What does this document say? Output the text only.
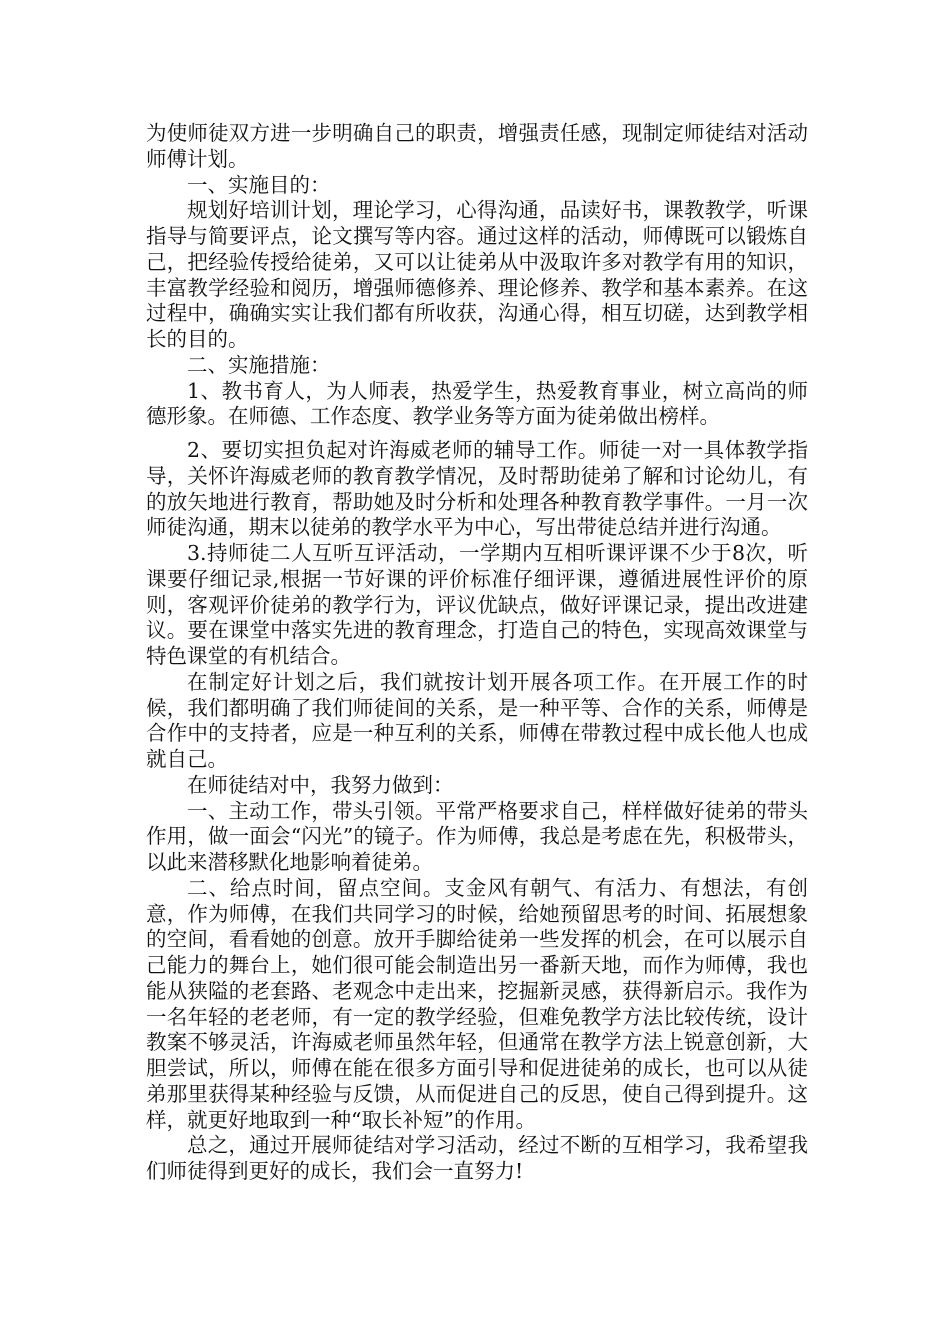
为使师徒双方进一步明确自己的职责，增强责任感，现制定师徒结对活动师傅计划。

一、实施目的：

规划好培训计划，理论学习，心得沟通，品读好书，课教教学，听课指导与简要评点，论文撰写等内容。通过这样的活动，师傅既可以锻炼自己，把经验传授给徒弟，又可以让徒弟从中汲取许多对教学有用的知识，丰富教学经验和阅历，增强师德修养、理论修养、教学和基本素养。在这过程中，确确实实让我们都有所收获，沟通心得，相互切磋，达到教学相长的目的。

二、实施措施：

1、教书育人，为人师表，热爱学生，热爱教育事业，树立高尚的师德形象。在师德、工作态度、教学业务等方面为徒弟做出榜样。

2、要切实担负起对许海威老师的辅导工作。师徒一对一具体教学指导，关怀许海威老师的教育教学情况，及时帮助徒弟了解和讨论幼儿，有的放矢地进行教育，帮助她及时分析和处理各种教育教学事件。一月一次师徒沟通，期末以徒弟的教学水平为中心，写出带徒总结并进行沟通。

3.持师徒二人互听互评活动，一学期内互相听课评课不少于8次，听课要仔细记录,根据一节好课的评价标准仔细评课，遵循进展性评价的原则，客观评价徒弟的教学行为，评议优缺点，做好评课记录，提出改进建议。要在课堂中落实先进的教育理念，打造自己的特色，实现高效课堂与特色课堂的有机结合。

在制定好计划之后，我们就按计划开展各项工作。在开展工作的时候，我们都明确了我们师徒间的关系，是一种平等、合作的关系，师傅是合作中的支持者，应是一种互利的关系，师傅在带教过程中成长他人也成就自己。

在师徒结对中，我努力做到：

一、主动工作，带头引领。平常严格要求自己，样样做好徒弟的带头作用，做一面会“闪光”的镜子。作为师傅，我总是考虑在先，积极带头，以此来潜移默化地影响着徒弟。

二、给点时间，留点空间。支金风有朝气、有活力、有想法，有创意，作为师傅，在我们共同学习的时候，给她预留思考的时间、拓展想象的空间，看看她的创意。放开手脚给徒弟一些发挥的机会，在可以展示自己能力的舞台上，她们很可能会制造出另一番新天地，而作为师傅，我也能从狭隘的老套路、老观念中走出来，挖掘新灵感，获得新启示。我作为一名年轻的老老师，有一定的教学经验，但难免教学方法比较传统，设计教案不够灵活，许海威老师虽然年轻，但通常在教学方法上锐意创新，大胆尝试，所以，师傅在能在很多方面引导和促进徒弟的成长，也可以从徒弟那里获得某种经验与反馈，从而促进自己的反思，使自己得到提升。这样，就更好地取到一种“取长补短”的作用。

总之，通过开展师徒结对学习活动，经过不断的互相学习，我希望我们师徒得到更好的成长，我们会一直努力!
